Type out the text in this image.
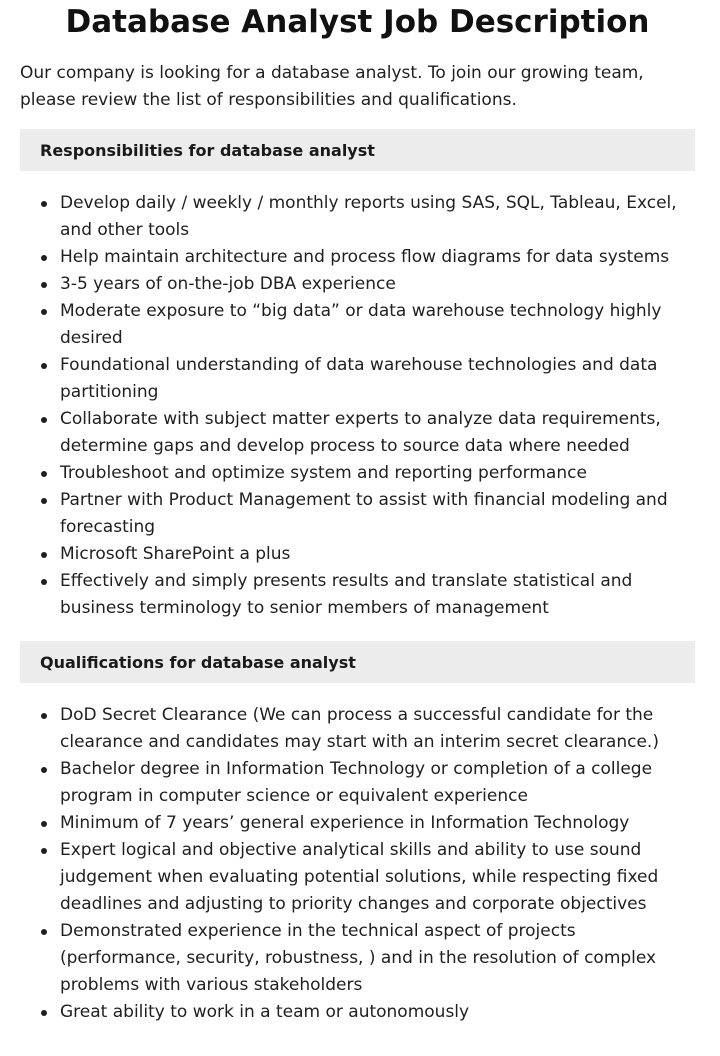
Database Analyst Job Description

Our company is looking for a database analyst. To join our growing team, please review the list of responsibilities and qualifications.

Responsibilities for database analyst
Develop daily / weekly / monthly reports using SAS, SQL, Tableau, Excel, and other tools
Help maintain architecture and process flow diagrams for data systems
3-5 years of on-the-job DBA experience
Moderate exposure to “big data” or data warehouse technology highly desired
Foundational understanding of data warehouse technologies and data partitioning
Collaborate with subject matter experts to analyze data requirements, determine gaps and develop process to source data where needed
Troubleshoot and optimize system and reporting performance
Partner with Product Management to assist with financial modeling and forecasting
Microsoft SharePoint a plus
Effectively and simply presents results and translate statistical and business terminology to senior members of management
Qualifications for database analyst
DoD Secret Clearance (We can process a successful candidate for the clearance and candidates may start with an interim secret clearance.)
Bachelor degree in Information Technology or completion of a college program in computer science or equivalent experience
Minimum of 7 years’ general experience in Information Technology
Expert logical and objective analytical skills and ability to use sound judgement when evaluating potential solutions, while respecting fixed deadlines and adjusting to priority changes and corporate objectives
Demonstrated experience in the technical aspect of projects (performance, security, robustness, ) and in the resolution of complex problems with various stakeholders
Great ability to work in a team or autonomously
